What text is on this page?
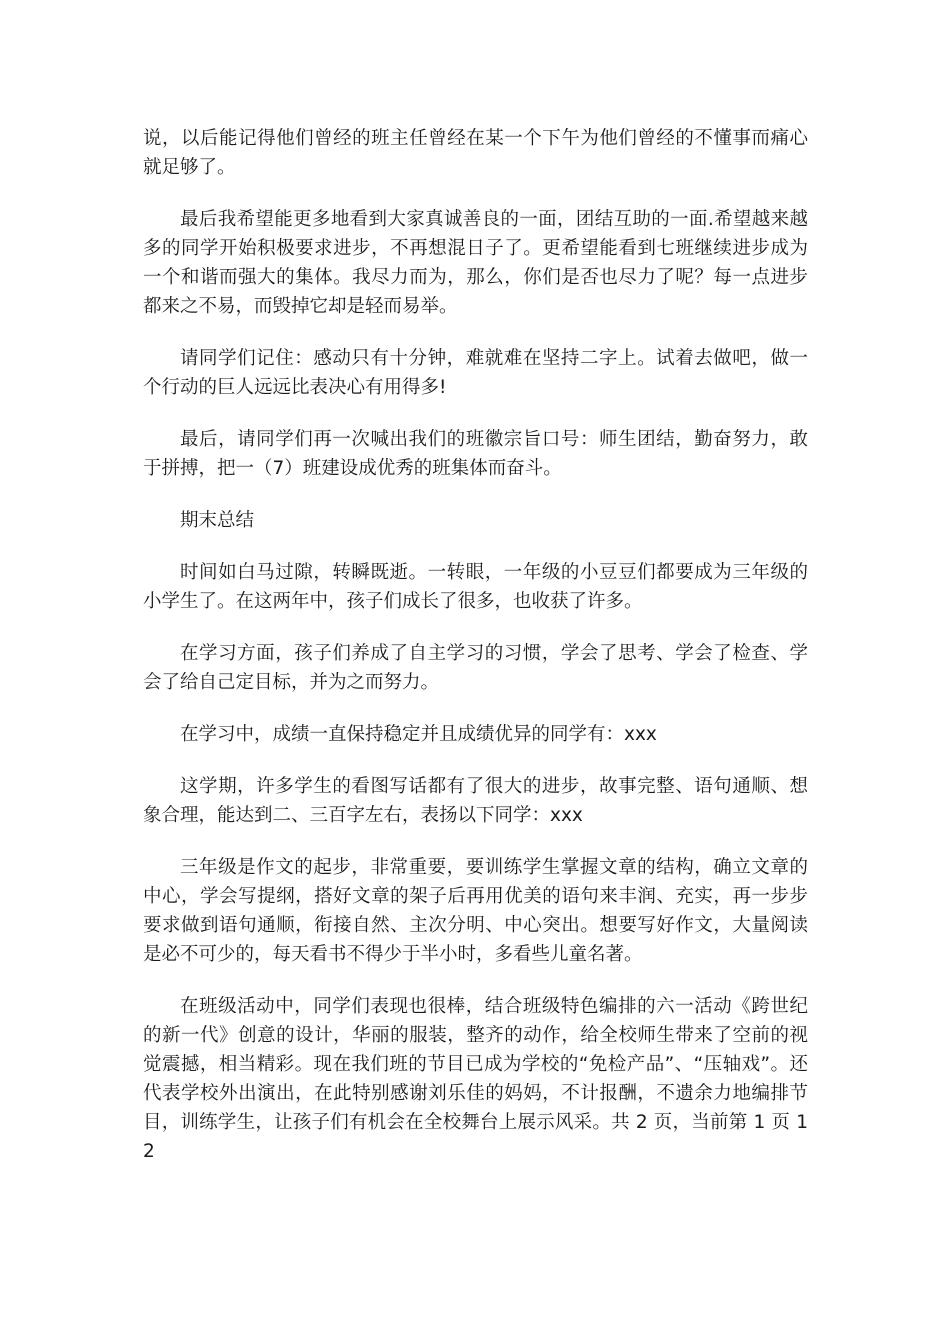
说，以后能记得他们曾经的班主任曾经在某一个下午为他们曾经的不懂事而痛心就足够了。

最后我希望能更多地看到大家真诚善良的一面，团结互助的一面.希望越来越多的同学开始积极要求进步，不再想混日子了。更希望能看到七班继续进步成为一个和谐而强大的集体。我尽力而为，那么，你们是否也尽力了呢？每一点进步都来之不易，而毁掉它却是轻而易举。

请同学们记住：感动只有十分钟，难就难在坚持二字上。试着去做吧，做一个行动的巨人远远比表决心有用得多!

最后，请同学们再一次喊出我们的班徽宗旨口号：师生团结，勤奋努力，敢于拼搏，把一（7）班建设成优秀的班集体而奋斗。

期末总结

时间如白马过隙，转瞬既逝。一转眼，一年级的小豆豆们都要成为三年级的小学生了。在这两年中，孩子们成长了很多，也收获了许多。

在学习方面，孩子们养成了自主学习的习惯，学会了思考、学会了检查、学会了给自己定目标，并为之而努力。

在学习中，成绩一直保持稳定并且成绩优异的同学有：xxx

这学期，许多学生的看图写话都有了很大的进步，故事完整、语句通顺、想象合理，能达到二、三百字左右，表扬以下同学：xxx

三年级是作文的起步，非常重要，要训练学生掌握文章的结构，确立文章的中心，学会写提纲，搭好文章的架子后再用优美的语句来丰润、充实，再一步步要求做到语句通顺，衔接自然、主次分明、中心突出。想要写好作文，大量阅读是必不可少的，每天看书不得少于半小时，多看些儿童名著。

在班级活动中，同学们表现也很棒，结合班级特色编排的六一活动《跨世纪的新一代》创意的设计，华丽的服装，整齐的动作，给全校师生带来了空前的视觉震撼，相当精彩。现在我们班的节目已成为学校的“免检产品”、“压轴戏”。还代表学校外出演出，在此特别感谢刘乐佳的妈妈，不计报酬，不遗余力地编排节目，训练学生，让孩子们有机会在全校舞台上展示风采。共 2 页，当前第 1 页 12
